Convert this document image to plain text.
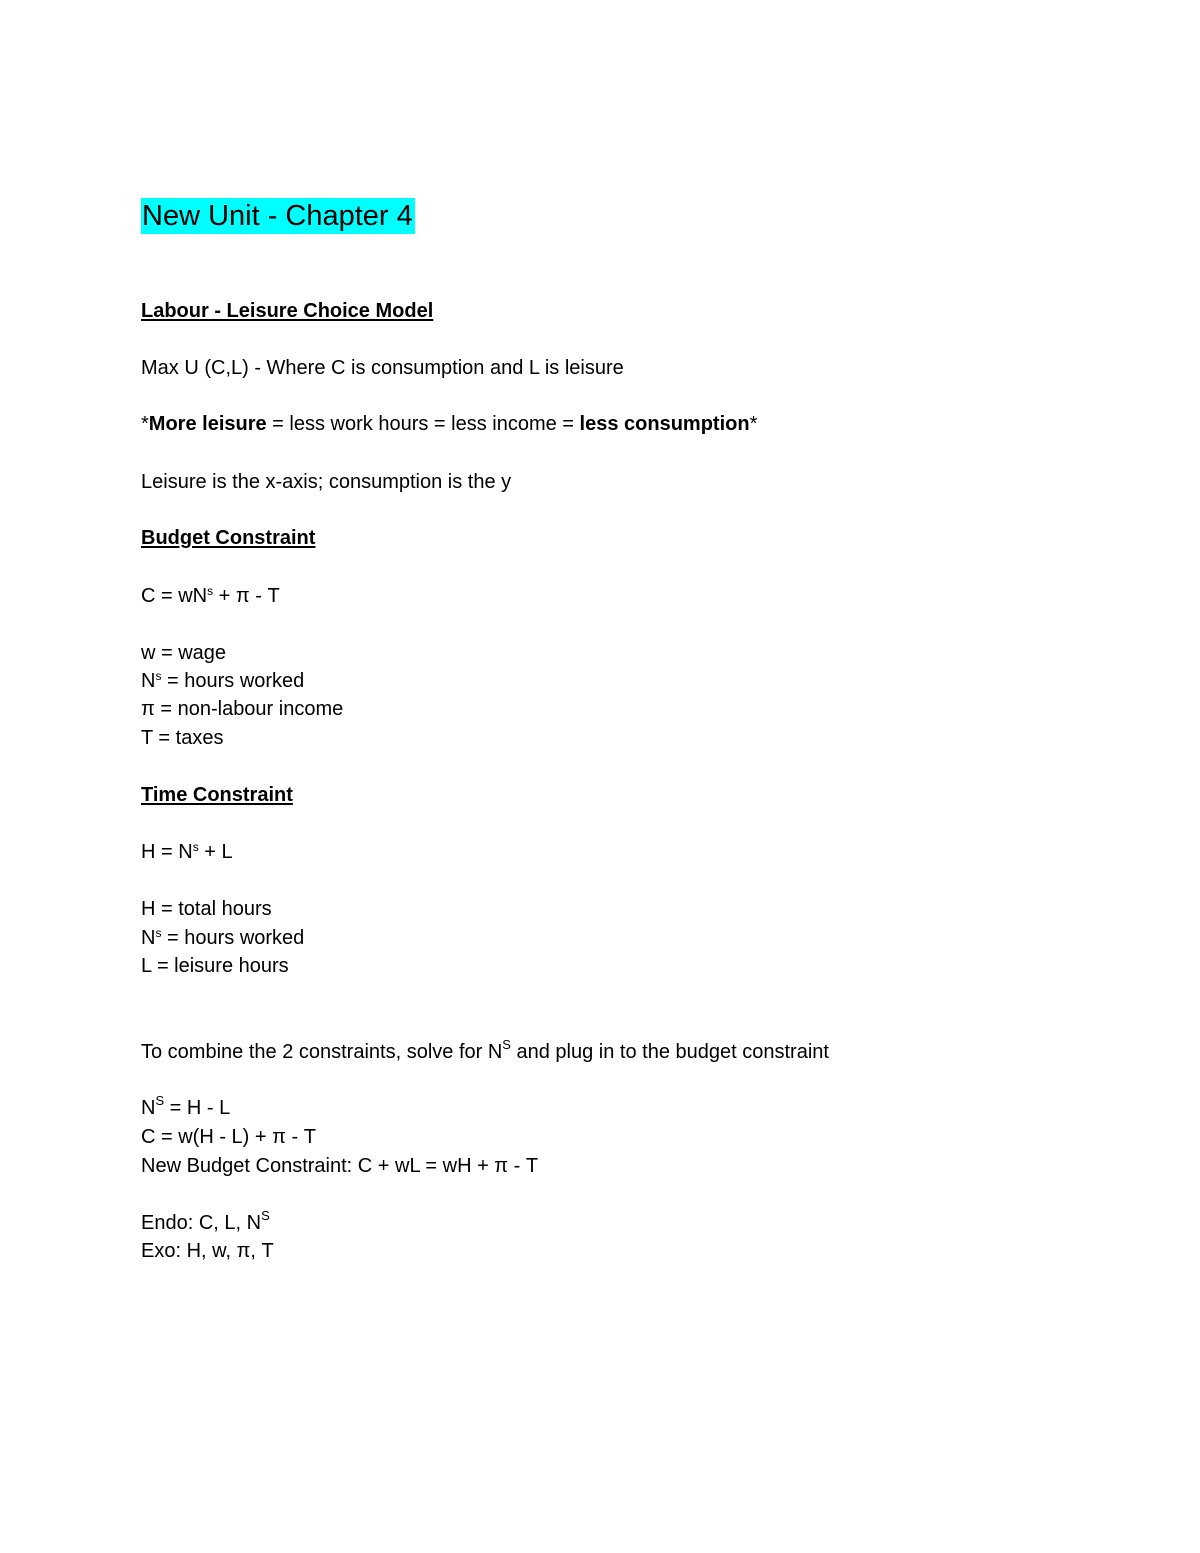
New Unit - Chapter 4
Labour - Leisure Choice Model
Max U (C,L) - Where C is consumption and L is leisure
*More leisure = less work hours = less income = less consumption*
Leisure is the x-axis; consumption is the y
Budget Constraint
$C = wN^s + \pi - T$
w = wage
$N^s$ = hours worked
π = non-labour income
T = taxes
Time Constraint
$H = N^s + L$
H = total hours
$N^s$ = hours worked
L = leisure hours
To combine the 2 constraints, solve for $N^S$ and plug in to the budget constraint
$N^S = H - L$
C = w(H - L) + π - T
New Budget Constraint: C + wL = wH + π - T
Endo: C, L, $N^S$
Exo: H, w, π, T
